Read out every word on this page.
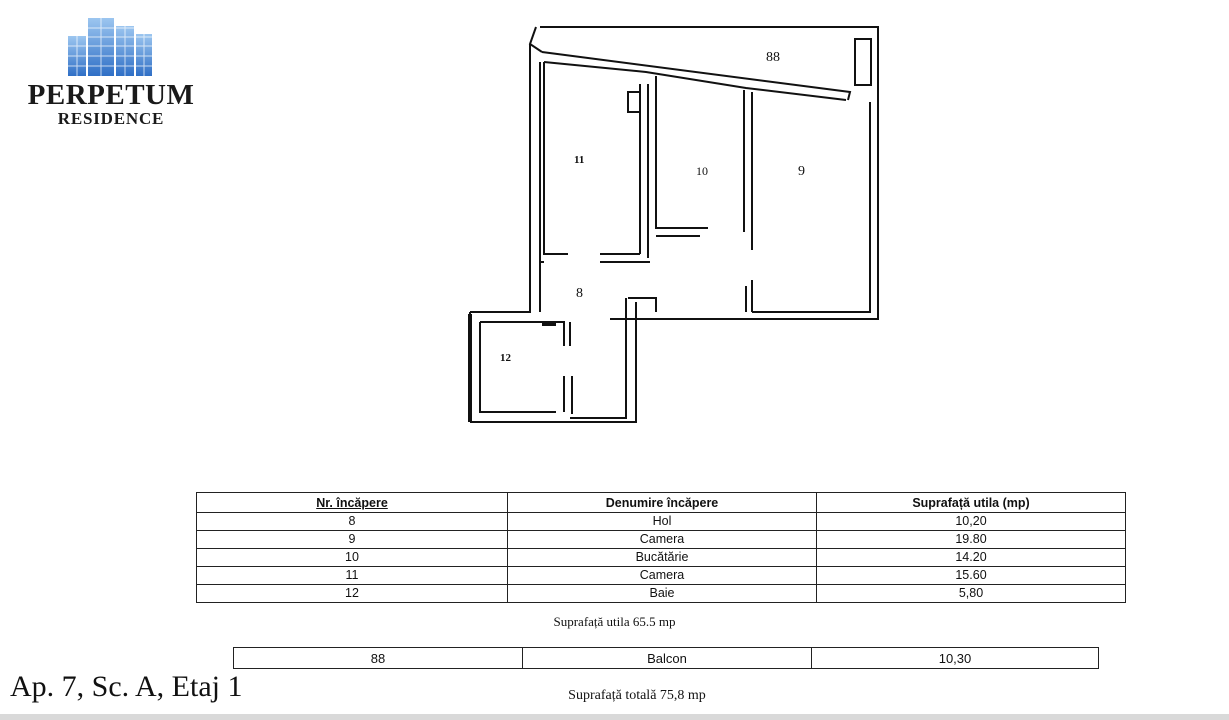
PERPETUM
RESIDENCE
88
11
10	9
8
12
Nr. încăpere	Denumire încăpere	Suprafață utila (mp)
8	Hol	10,20
9	Camera	19.80
10	Bucătărie	14.20
11	Camera	15.60
12	Baie	5,80
Suprafață utila 65.5 mp
88	Balcon	10,30
Ap. 7, Sc. A, Etaj 1	Suprafață totală 75,8 mp
